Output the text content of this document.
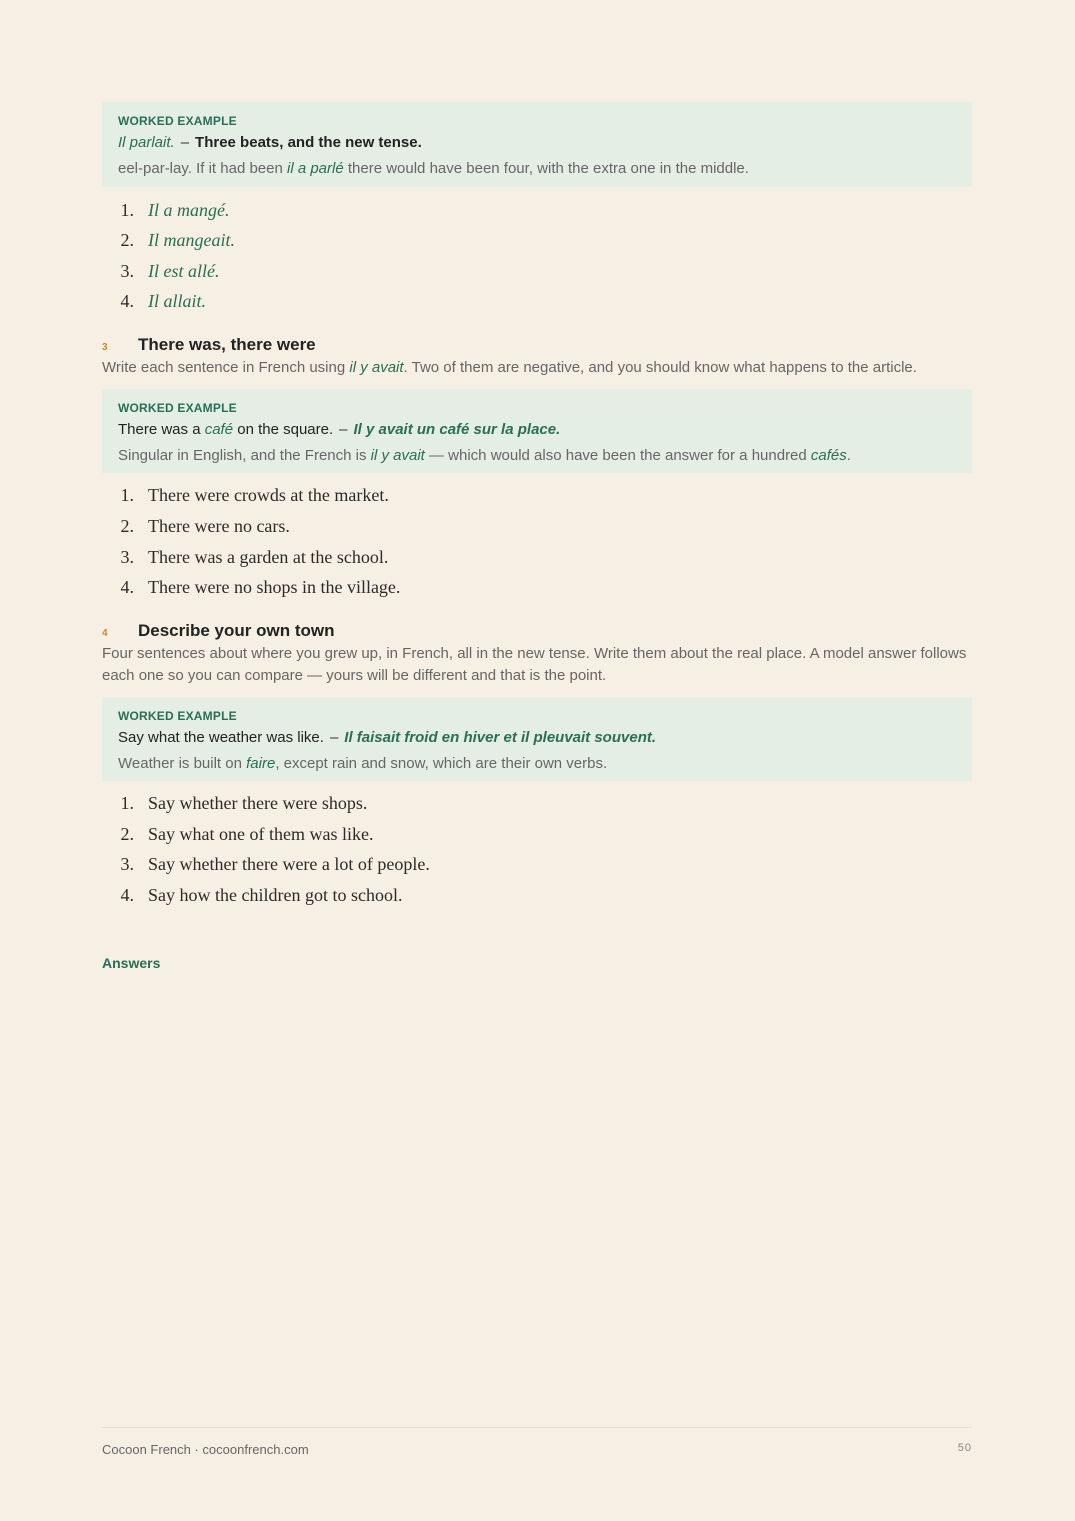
WORKED EXAMPLE
Il parlait. – Three beats, and the new tense.
eel-par-lay. If it had been il a parlé there would have been four, with the extra one in the middle.
1. Il a mangé.
2. Il mangeait.
3. Il est allé.
4. Il allait.
3	There was, there were
Write each sentence in French using il y avait. Two of them are negative, and you should know what happens to the article.
WORKED EXAMPLE
There was a café on the square. – Il y avait un café sur la place.
Singular in English, and the French is il y avait — which would also have been the answer for a hundred cafés.
1. There were crowds at the market.
2. There were no cars.
3. There was a garden at the school.
4. There were no shops in the village.
4	Describe your own town
Four sentences about where you grew up, in French, all in the new tense. Write them about the real place. A model answer follows each one so you can compare — yours will be different and that is the point.
WORKED EXAMPLE
Say what the weather was like. – Il faisait froid en hiver et il pleuvait souvent.
Weather is built on faire, except rain and snow, which are their own verbs.
1. Say whether there were shops.
2. Say what one of them was like.
3. Say whether there were a lot of people.
4. Say how the children got to school.
Answers
Cocoon French · cocoonfrench.com	50
